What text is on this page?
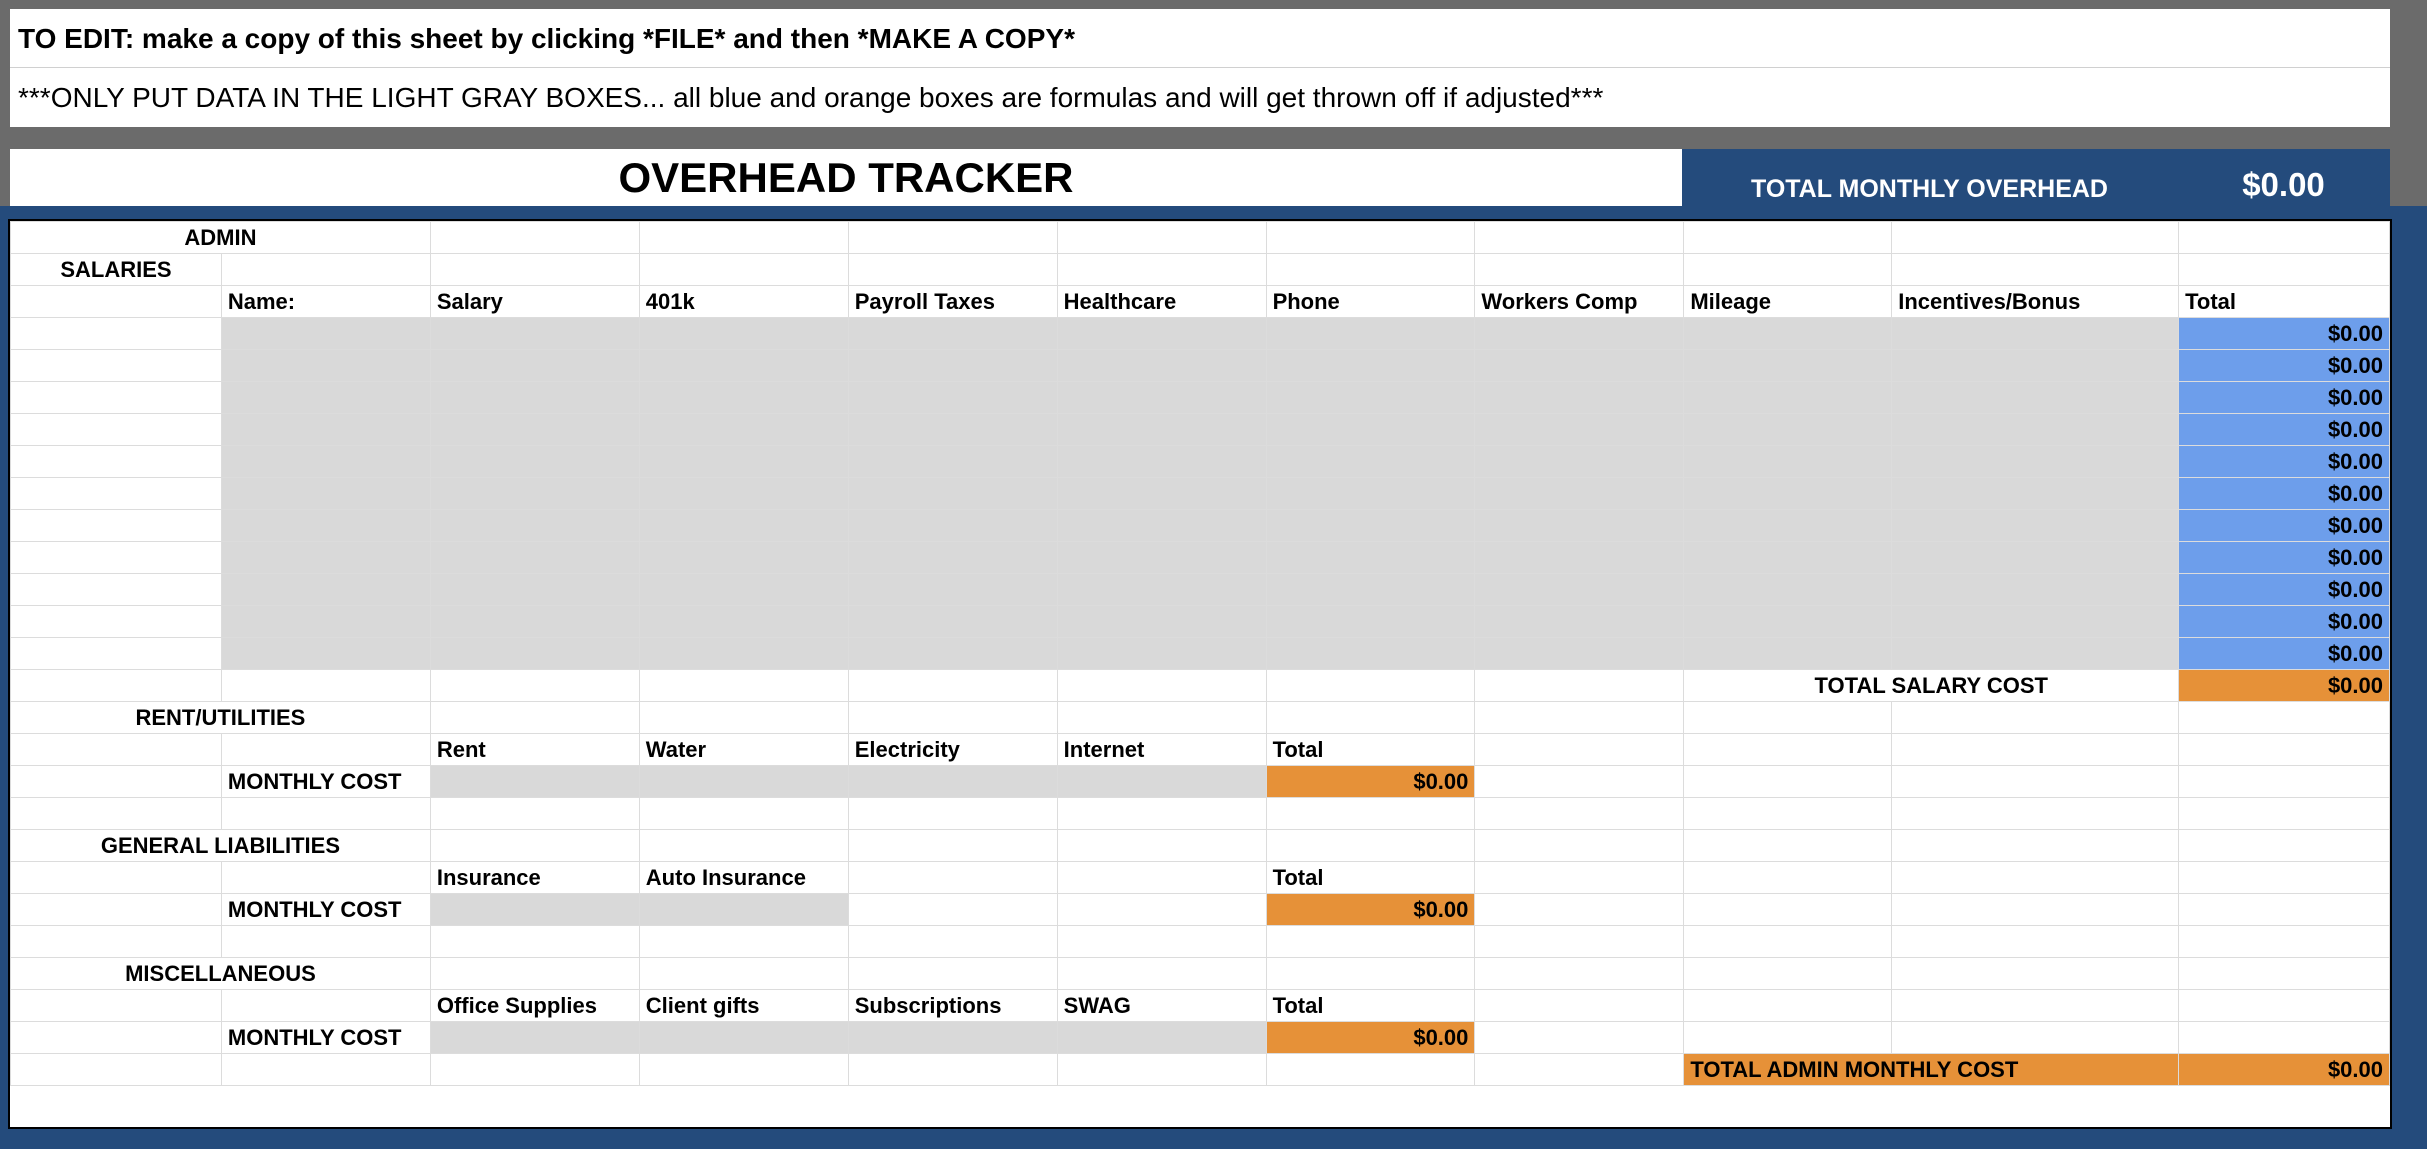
TO EDIT: make a copy of this sheet by clicking *FILE* and then *MAKE A COPY*
***ONLY PUT DATA IN THE LIGHT GRAY BOXES... all blue and orange boxes are formulas and will get thrown off if adjusted***
OVERHEAD TRACKER	TOTAL MONTHLY OVERHEAD	$0.00
ADMIN										
SALARIES										
	Name:	Salary	401k	Payroll Taxes	Healthcare	Phone	Workers Comp	Mileage	Incentives/Bonus	Total
										$0.00
										$0.00
										$0.00
										$0.00
										$0.00
										$0.00
										$0.00
										$0.00
										$0.00
										$0.00
										$0.00
								TOTAL SALARY COST		$0.00
RENT/UTILITIES										
		Rent	Water	Electricity	Internet	Total				
	MONTHLY COST					$0.00				

GENERAL LIABILITIES										
		Insurance	Auto Insurance			Total				
	MONTHLY COST					$0.00				

MISCELLANEOUS										
		Office Supplies	Client gifts	Subscriptions	SWAG	Total				
	MONTHLY COST					$0.00				
								TOTAL ADMIN MONTHLY COST		$0.00
